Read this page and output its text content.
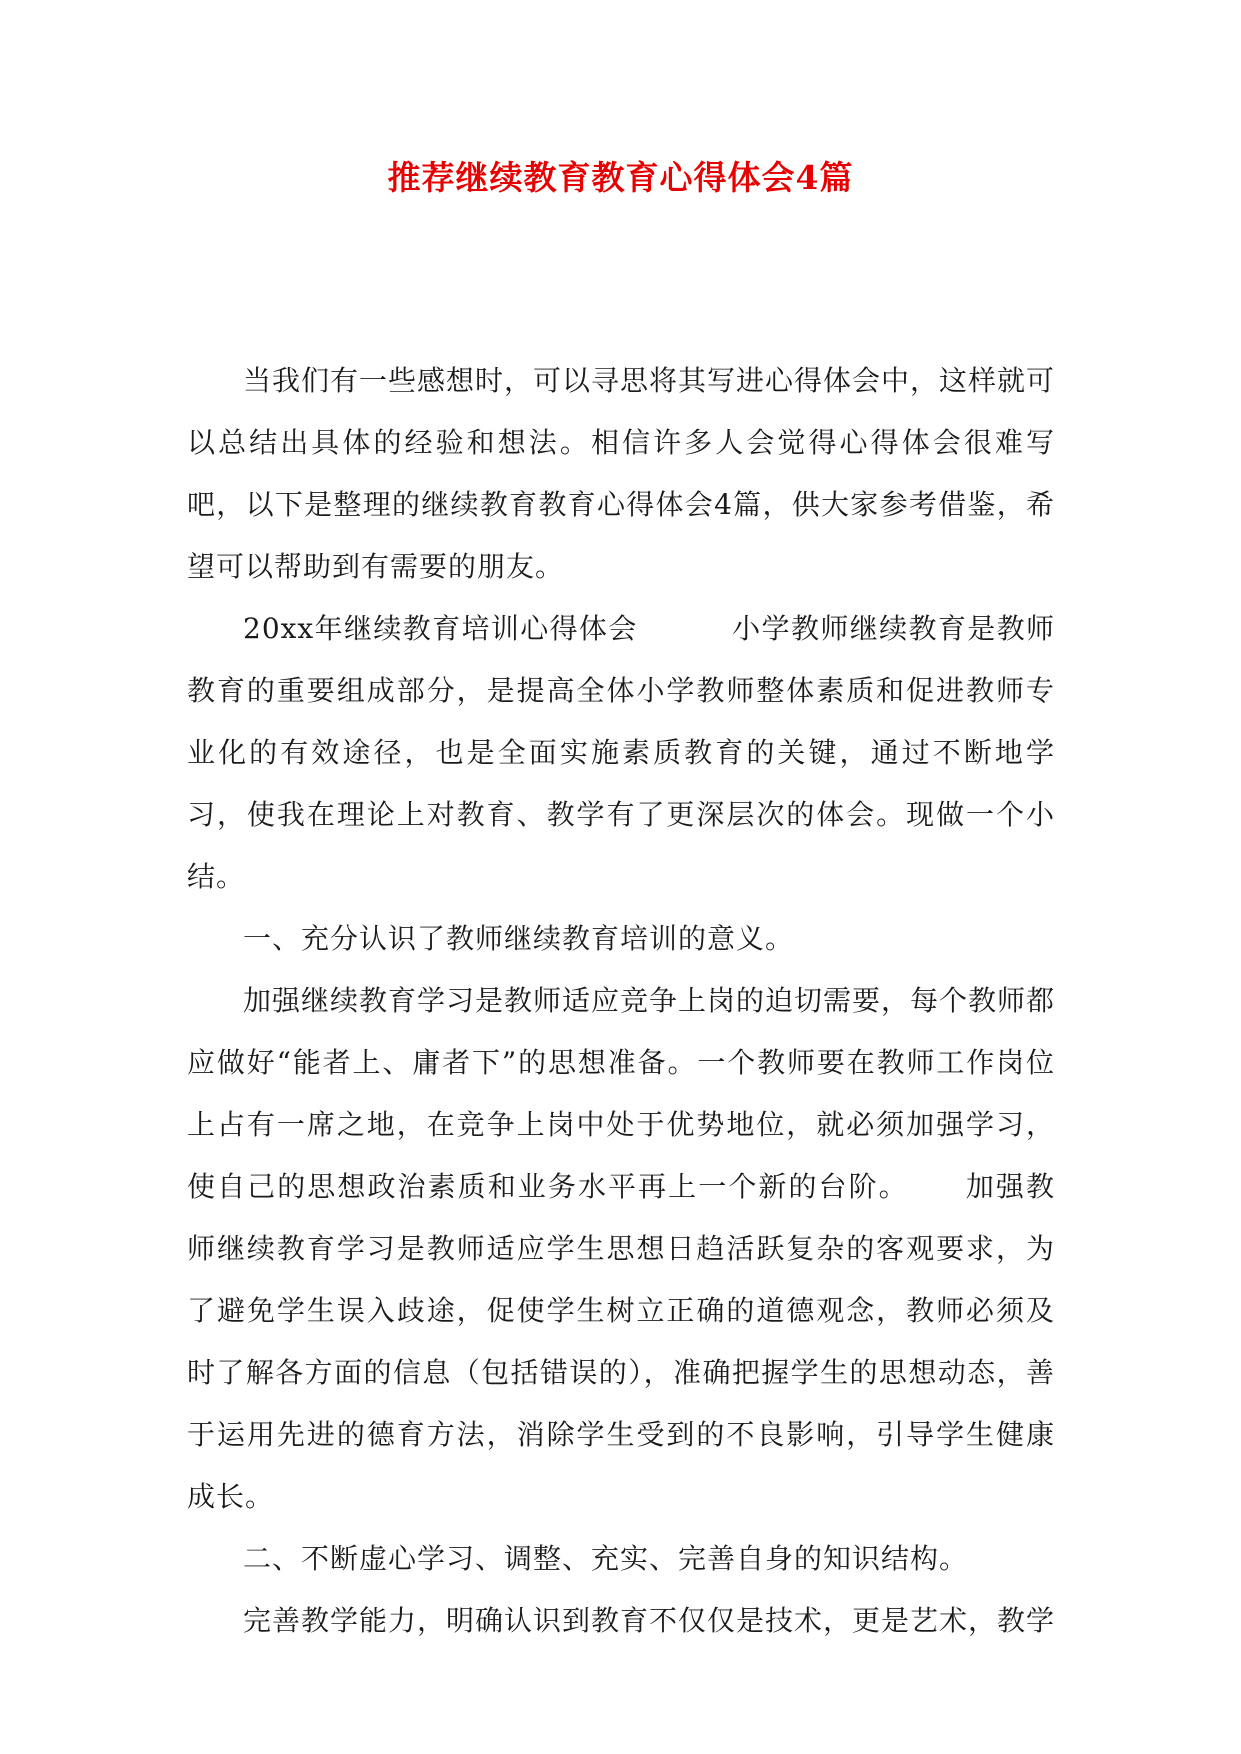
推荐继续教育教育心得体会4篇

当我们有一些感想时，可以寻思将其写进心得体会中，这样就可以总结出具体的经验和想法。相信许多人会觉得心得体会很难写吧，以下是整理的继续教育教育心得体会4篇，供大家参考借鉴，希望可以帮助到有需要的朋友。

20xx年继续教育培训心得体会	小学教师继续教育是教师教育的重要组成部分，是提高全体小学教师整体素质和促进教师专业化的有效途径，也是全面实施素质教育的关键，通过不断地学习，使我在理论上对教育、教学有了更深层次的体会。现做一个小结。

一、充分认识了教师继续教育培训的意义。

加强继续教育学习是教师适应竞争上岗的迫切需要，每个教师都应做好“能者上、庸者下”的思想准备。一个教师要在教师工作岗位上占有一席之地，在竞争上岗中处于优势地位，就必须加强学习，使自己的思想政治素质和业务水平再上一个新的台阶。 加强教师继续教育学习是教师适应学生思想日趋活跃复杂的客观要求，为了避免学生误入歧途，促使学生树立正确的道德观念，教师必须及时了解各方面的信息（包括错误的），准确把握学生的思想动态，善于运用先进的德育方法，消除学生受到的不良影响，引导学生健康成长。

二、不断虚心学习、调整、充实、完善自身的知识结构。

完善教学能力，明确认识到教育不仅仅是技术，更是艺术，教学
